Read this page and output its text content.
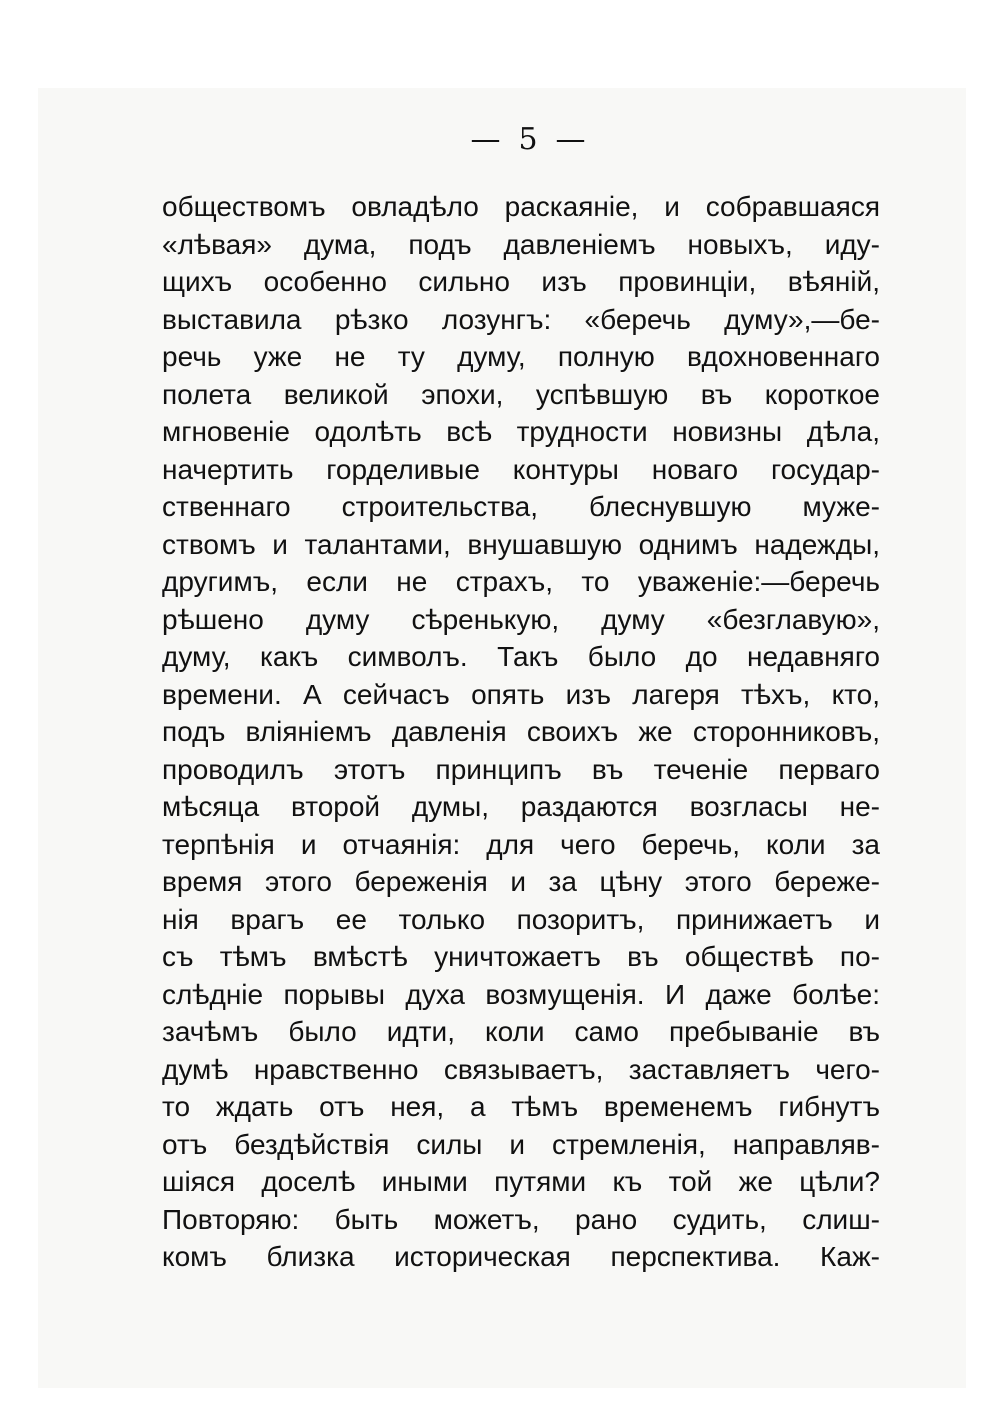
— 5 —
обществомъ овладѣло раскаяніе, и собравшаяся
«лѣвая» дума, подъ давленіемъ новыхъ, иду-
щихъ особенно сильно изъ провинціи, вѣяній,
выставила рѣзко лозунгъ: «беречь думу»,—бе-
речь уже не ту думу, полную вдохновеннаго
полета великой эпохи, успѣвшую въ короткое
мгновеніе одолѣть всѣ трудности новизны дѣла,
начертить горделивые контуры новаго государ-
ственнаго строительства, блеснувшую муже-
ствомъ и талантами, внушавшую однимъ надежды,
другимъ, если не страхъ, то уваженіе:—беречь
рѣшено думу сѣренькую, думу «безглавую»,
думу, какъ символъ. Такъ было до недавняго
времени. А сейчасъ опять изъ лагеря тѣхъ, кто,
подъ вліяніемъ давленія своихъ же сторонниковъ,
проводилъ этотъ принципъ въ теченіе перваго
мѣсяца второй думы, раздаются возгласы не-
терпѣнія и отчаянія: для чего беречь, коли за
время этого береженія и за цѣну этого береже-
нія врагъ ее только позоритъ, принижаетъ и
съ тѣмъ вмѣстѣ уничтожаетъ въ обществѣ по-
слѣдніе порывы духа возмущенія. И даже болѣе:
зачѣмъ было идти, коли само пребываніе въ
думѣ нравственно связываетъ, заставляетъ чего-
то ждать отъ нея, а тѣмъ временемъ гибнутъ
отъ бездѣйствія силы и стремленія, направляв-
шіяся доселѣ иными путями къ той же цѣли?
Повторяю: быть можетъ, рано судить, слиш-
комъ близка историческая перспектива. Каж-
